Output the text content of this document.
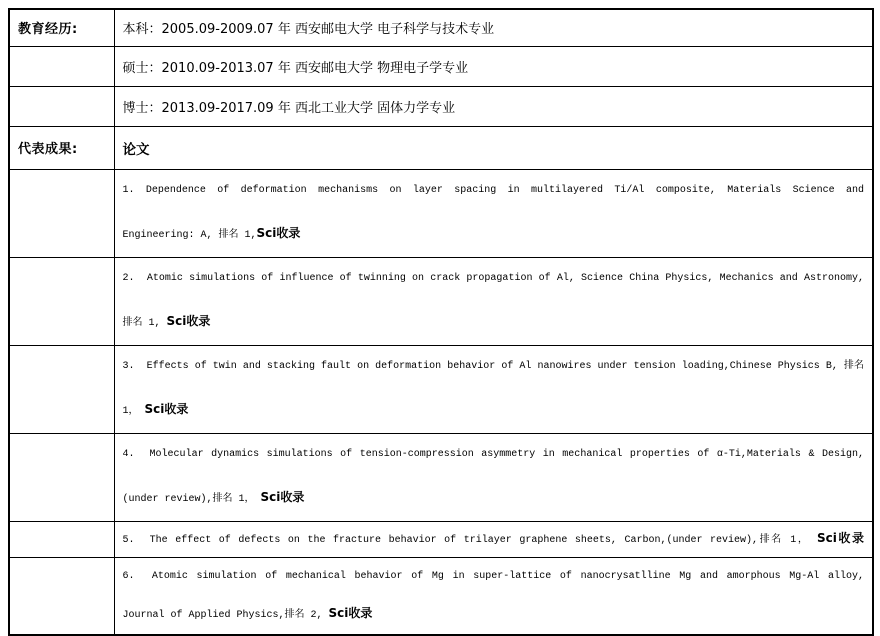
教育经历:	本科：2005.09-2009.07 年 西安邮电大学 电子科学与技术专业
	硕士：2010.09-2013.07 年 西安邮电大学 物理电子学专业
	博士：2013.09-2017.09 年 西北工业大学 固体力学专业
代表成果:	论文
	1. Dependence of deformation mechanisms on layer spacing in multilayered Ti/Al composite, Materials Science and Engineering: A, 排名 1,Sci收录
	2.  Atomic simulations of influence of twinning on crack propagation of Al, Science China Physics, Mechanics and Astronomy, 排名 1, Sci收录
	3.  Effects of twin and stacking fault on deformation behavior of Al nanowires under tension loading,Chinese Physics B, 排名 1， Sci收录
	4.  Molecular dynamics simulations of tension-compression asymmetry in mechanical properties of α-Ti,Materials & Design, (under review),排名 1， Sci收录
	5.  The effect of defects on the fracture behavior of trilayer graphene sheets, Carbon,(under review),排名 1， Sci收录
	6.  Atomic simulation of mechanical behavior of Mg in super-lattice of nanocrysatlline Mg and amorphous Mg-Al alloy, Journal of Applied Physics,排名 2, Sci收录
